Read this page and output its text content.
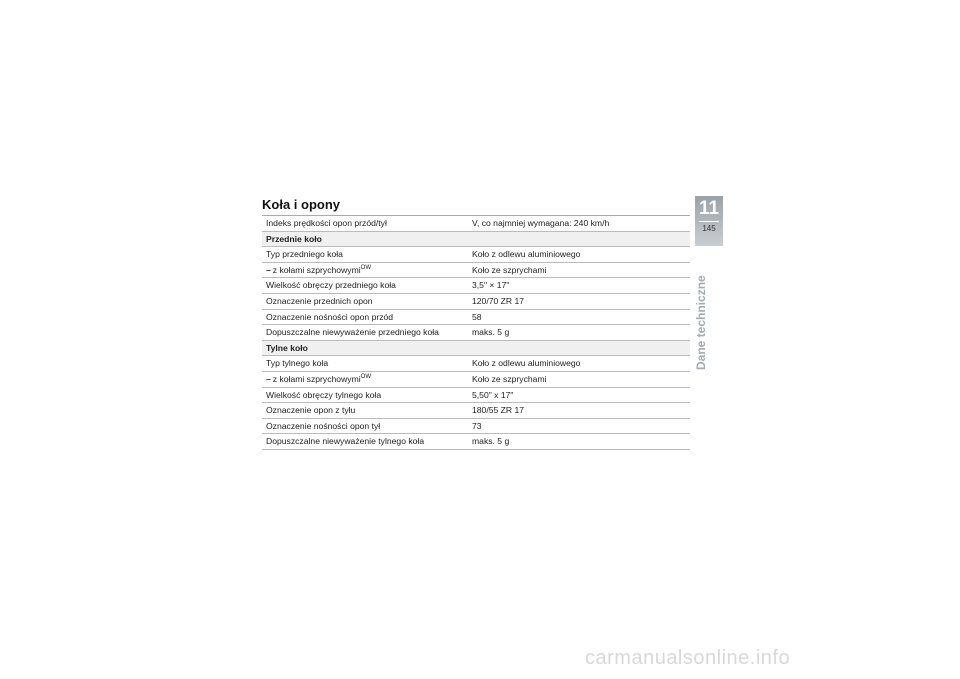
Koła i opony
Indeks prędkości opon przód/tył	V, co najmniej wymagana: 240 km/h
Przednie koło
Typ przedniego koła	Koło z odlewu aluminiowego
– z kołami szprychowymi$^{OW}$	Koło ze szprychami
Wielkość obręczy przedniego koła	3,5" × 17"
Oznaczenie przednich opon	120/70 ZR 17
Oznaczenie nośności opon przód	58
Dopuszczalne niewyważenie przedniego koła	maks. 5 g
Tylne koło
Typ tylnego koła	Koło z odlewu aluminiowego
– z kołami szprychowymi$^{OW}$	Koło ze szprychami
Wielkość obręczy tylnego koła	5,50" x 17"
Oznaczenie opon z tyłu	180/55 ZR 17
Oznaczenie nośności opon tył	73
Dopuszczalne niewyważenie tylnego koła	maks. 5 g
11
145
Dane techniczne
carmanualsonline.info
